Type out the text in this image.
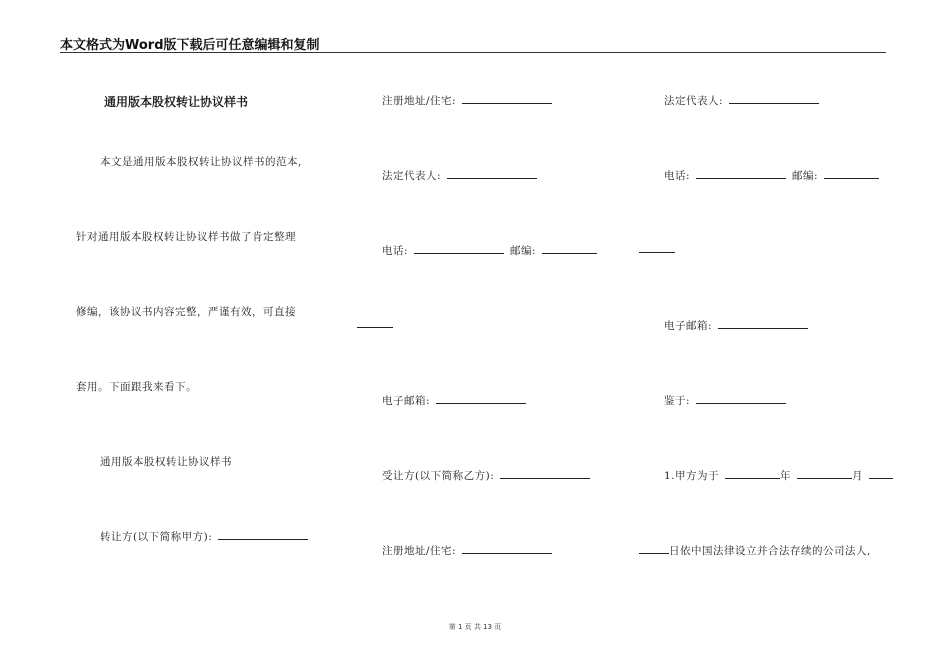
本文格式为Word版下载后可任意编辑和复制
通用版本股权转让协议样书
本文是通用版本股权转让协议样书的范本,
针对通用版本股权转让协议样书做了肯定整理
修编，该协议书内容完整，严谨有效，可直接
套用。下面跟我来看下。
通用版本股权转让协议样书
转让方(以下简称甲方):
注册地址/住宅:
法定代表人:
电话:	邮编:
电子邮箱:
受让方(以下简称乙方):
注册地址/住宅:
法定代表人:
电话:	邮编:
电子邮箱:
鉴于:
1.甲方为于	年	月
日依中国法律设立并合法存续的公司法人,
第 1 页 共 13 页
